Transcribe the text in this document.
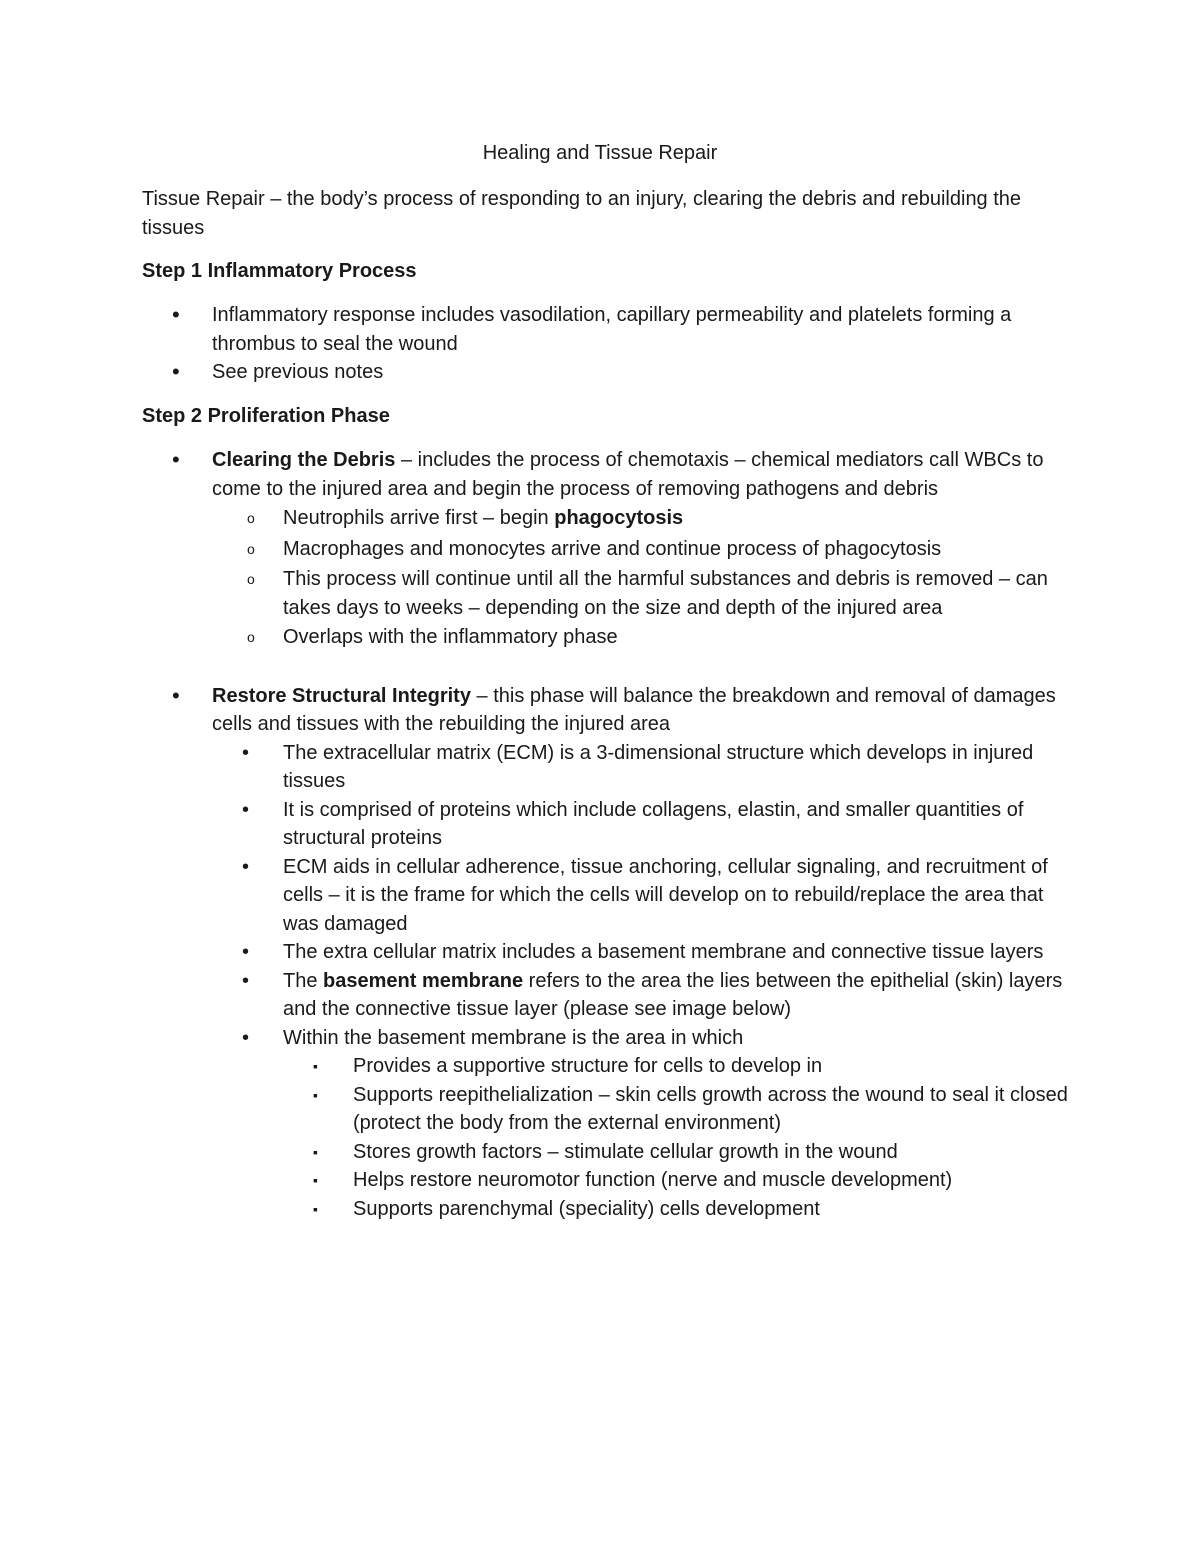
Healing and Tissue Repair
Tissue Repair – the body’s process of responding to an injury, clearing the debris and rebuilding the tissues
Step 1 Inflammatory Process
• Inflammatory response includes vasodilation, capillary permeability and platelets forming a thrombus to seal the wound
• See previous notes
Step 2 Proliferation Phase
• Clearing the Debris – includes the process of chemotaxis – chemical mediators call WBCs to come to the injured area and begin the process of removing pathogens and debris
o Neutrophils arrive first – begin phagocytosis
o Macrophages and monocytes arrive and continue process of phagocytosis
o This process will continue until all the harmful substances and debris is removed – can takes days to weeks – depending on the size and depth of the injured area
o Overlaps with the inflammatory phase
• Restore Structural Integrity – this phase will balance the breakdown and removal of damages cells and tissues with the rebuilding the injured area
• The extracellular matrix (ECM) is a 3-dimensional structure which develops in injured tissues
• It is comprised of proteins which include collagens, elastin, and smaller quantities of structural proteins
• ECM aids in cellular adherence, tissue anchoring, cellular signaling, and recruitment of cells – it is the frame for which the cells will develop on to rebuild/replace the area that was damaged
• The extra cellular matrix includes a basement membrane and connective tissue layers
• The basement membrane refers to the area the lies between the epithelial (skin) layers and the connective tissue layer (please see image below)
• Within the basement membrane is the area in which
▪ Provides a supportive structure for cells to develop in
▪ Supports reepithelialization – skin cells growth across the wound to seal it closed (protect the body from the external environment)
▪ Stores growth factors – stimulate cellular growth in the wound
▪ Helps restore neuromotor function (nerve and muscle development)
▪ Supports parenchymal (speciality) cells development
